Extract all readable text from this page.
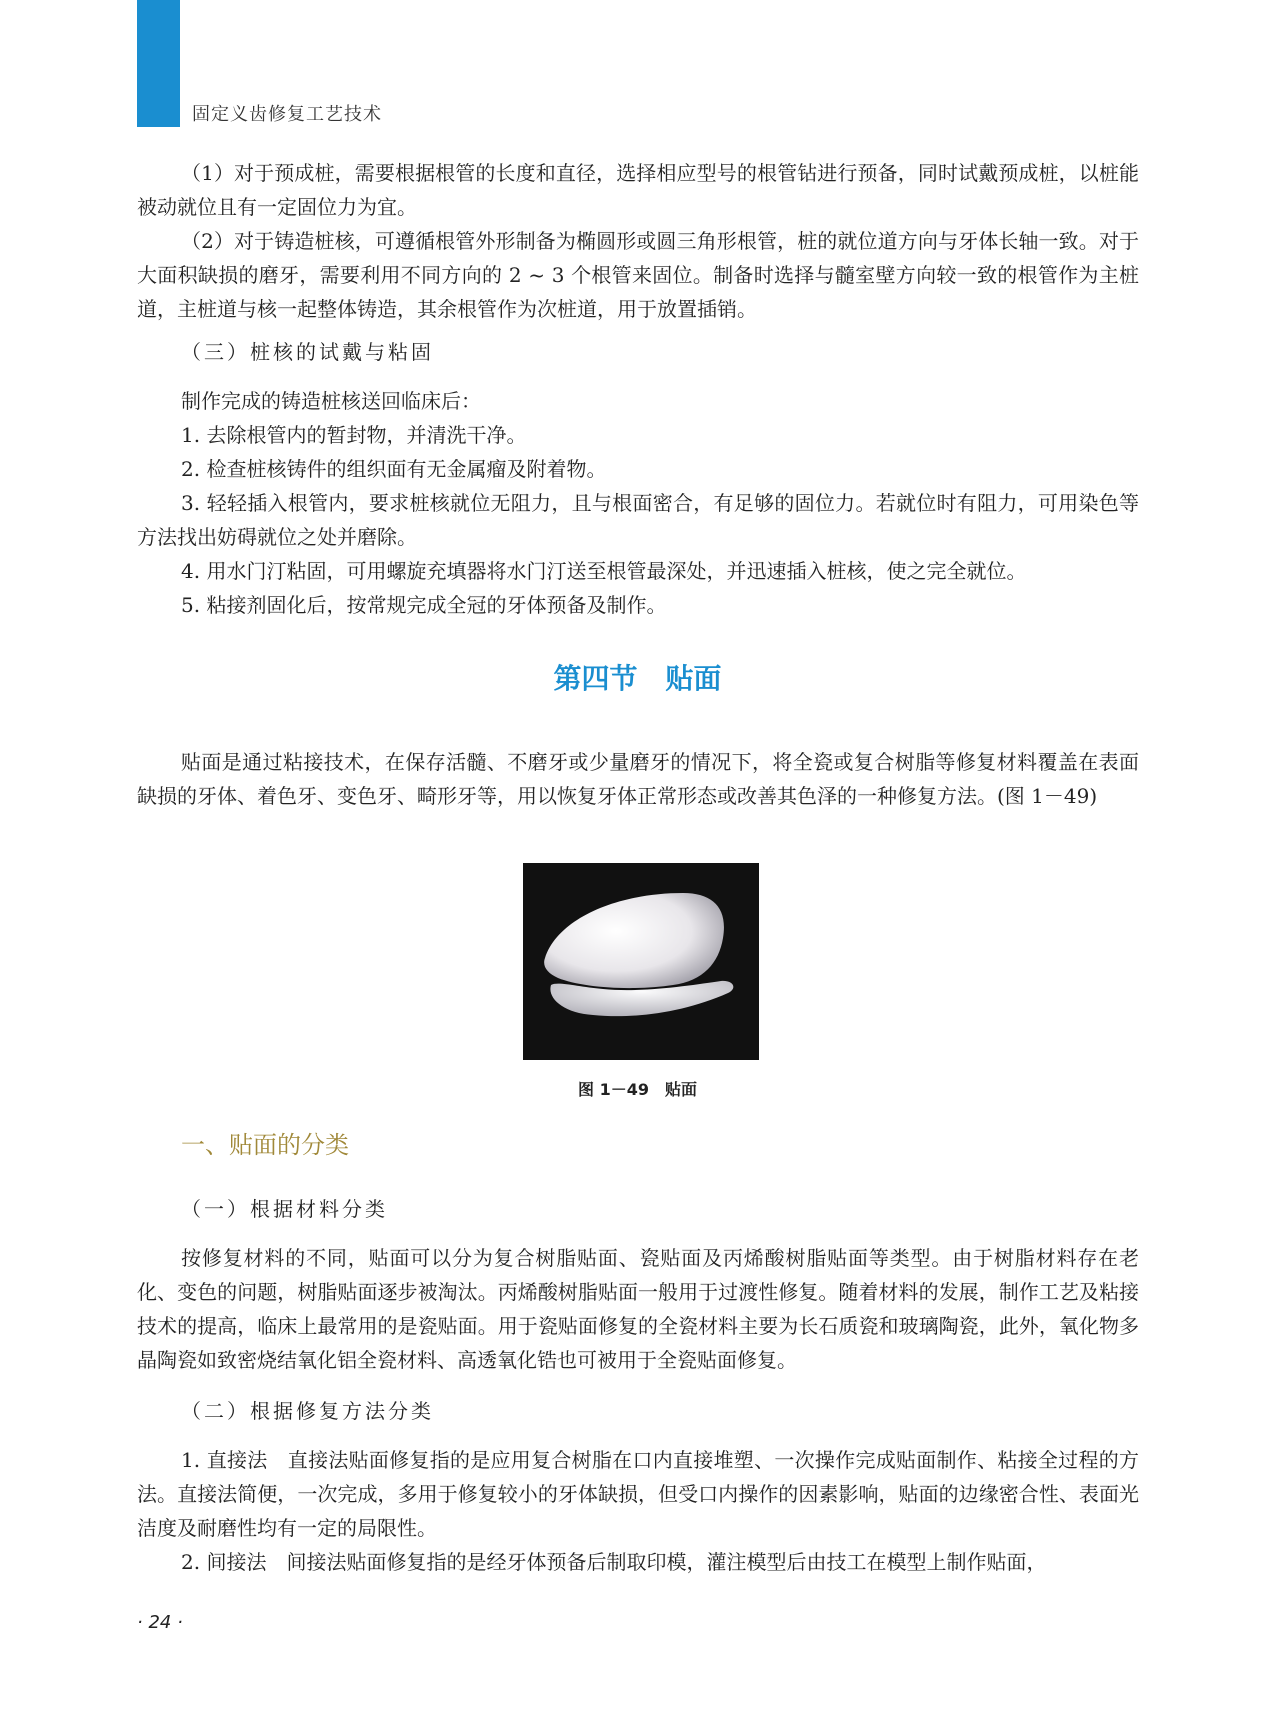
固定义齿修复工艺技术

（1）对于预成桩，需要根据根管的长度和直径，选择相应型号的根管钻进行预备，同时试戴预成桩，以桩能被动就位且有一定固位力为宜。

（2）对于铸造桩核，可遵循根管外形制备为椭圆形或圆三角形根管，桩的就位道方向与牙体长轴一致。对于大面积缺损的磨牙，需要利用不同方向的 2 ~ 3 个根管来固位。制备时选择与髓室壁方向较一致的根管作为主桩道，主桩道与核一起整体铸造，其余根管作为次桩道，用于放置插销。

（三）桩核的试戴与粘固

制作完成的铸造桩核送回临床后：

1. 去除根管内的暂封物，并清洗干净。

2. 检查桩核铸件的组织面有无金属瘤及附着物。

3. 轻轻插入根管内，要求桩核就位无阻力，且与根面密合，有足够的固位力。若就位时有阻力，可用染色等方法找出妨碍就位之处并磨除。

4. 用水门汀粘固，可用螺旋充填器将水门汀送至根管最深处，并迅速插入桩核，使之完全就位。

5. 粘接剂固化后，按常规完成全冠的牙体预备及制作。

第四节　贴面

贴面是通过粘接技术，在保存活髓、不磨牙或少量磨牙的情况下，将全瓷或复合树脂等修复材料覆盖在表面缺损的牙体、着色牙、变色牙、畸形牙等，用以恢复牙体正常形态或改善其色泽的一种修复方法。(图 1－49)

图 1－49　贴面
一、贴面的分类
（一）根据材料分类

按修复材料的不同，贴面可以分为复合树脂贴面、瓷贴面及丙烯酸树脂贴面等类型。由于树脂材料存在老化、变色的问题，树脂贴面逐步被淘汰。丙烯酸树脂贴面一般用于过渡性修复。随着材料的发展，制作工艺及粘接技术的提高，临床上最常用的是瓷贴面。用于瓷贴面修复的全瓷材料主要为长石质瓷和玻璃陶瓷，此外，氧化物多晶陶瓷如致密烧结氧化铝全瓷材料、高透氧化锆也可被用于全瓷贴面修复。

（二）根据修复方法分类

1. 直接法　直接法贴面修复指的是应用复合树脂在口内直接堆塑、一次操作完成贴面制作、粘接全过程的方法。直接法简便，一次完成，多用于修复较小的牙体缺损，但受口内操作的因素影响，贴面的边缘密合性、表面光洁度及耐磨性均有一定的局限性。

2. 间接法　间接法贴面修复指的是经牙体预备后制取印模，灌注模型后由技工在模型上制作贴面，

· 24 ·
